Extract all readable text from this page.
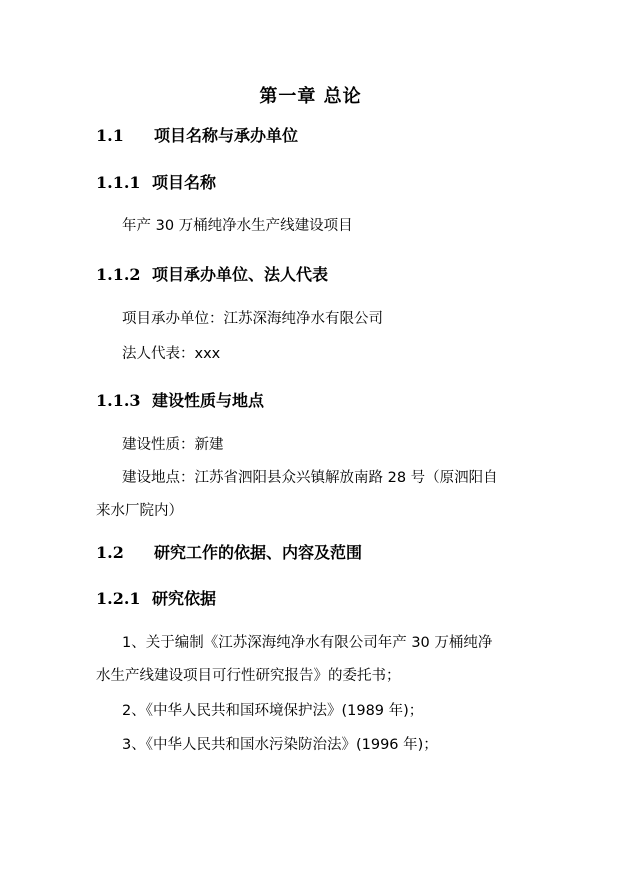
第一章 总论
1.1 项目名称与承办单位
1.1.1 项目名称
年产 30 万桶纯净水生产线建设项目
1.1.2 项目承办单位、法人代表
项目承办单位：江苏深海纯净水有限公司
法人代表：xxx
1.1.3 建设性质与地点
建设性质：新建
建设地点：江苏省泗阳县众兴镇解放南路 28 号（原泗阳自
来水厂院内）
1.2 研究工作的依据、内容及范围
1.2.1 研究依据
1、关于编制《江苏深海纯净水有限公司年产 30 万桶纯净
水生产线建设项目可行性研究报告》的委托书；
2、《中华人民共和国环境保护法》(1989 年)；
3、《中华人民共和国水污染防治法》(1996 年)；
